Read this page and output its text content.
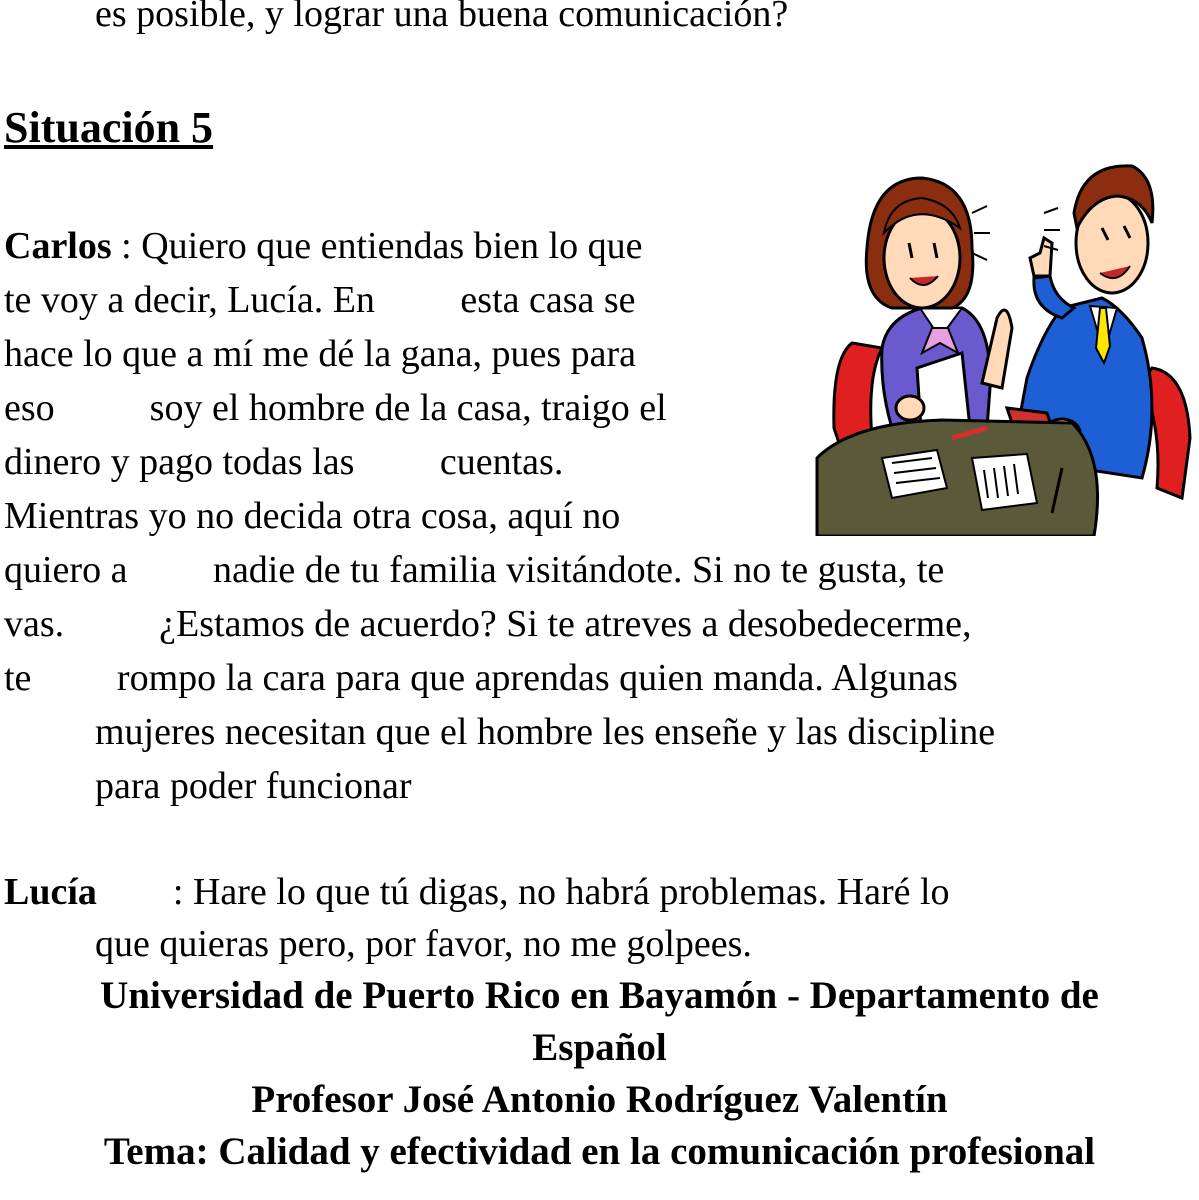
es posible, y lograr una buena comunicación?
Situación 5
Carlos : Quiero que entiendas bien lo que
te voy a decir, Lucía. En         esta casa se
hace lo que a mí me dé la gana, pues para
eso          soy el hombre de la casa, traigo el
dinero y pago todas las         cuentas.
Mientras yo no decida otra cosa, aquí no
quiero a         nadie de tu familia visitándote. Si no te gusta, te
vas.          ¿Estamos de acuerdo? Si te atreves a desobedecerme,
te         rompo la cara para que aprendas quien manda. Algunas
mujeres necesitan que el hombre les enseñe y las discipline
para poder funcionar
Lucía        : Hare lo que tú digas, no habrá problemas. Haré lo
que quieras pero, por favor, no me golpees.
Universidad de Puerto Rico en Bayamón - Departamento de
Español
Profesor José Antonio Rodríguez Valentín
Tema: Calidad y efectividad en la comunicación profesional
